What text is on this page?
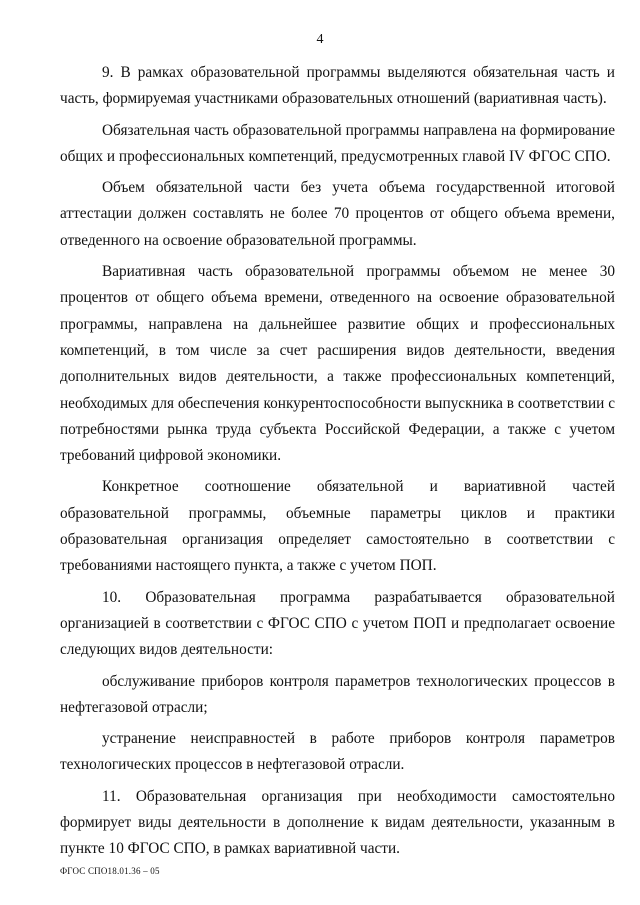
4

9. В рамках образовательной программы выделяются обязательная часть и часть, формируемая участниками образовательных отношений (вариативная часть).

Обязательная часть образовательной программы направлена на формирование общих и профессиональных компетенций, предусмотренных главой IV ФГОС СПО.

Объем обязательной части без учета объема государственной итоговой аттестации должен составлять не более 70 процентов от общего объема времени, отведенного на освоение образовательной программы.

Вариативная часть образовательной программы объемом не менее 30 процентов от общего объема времени, отведенного на освоение образовательной программы, направлена на дальнейшее развитие общих и профессиональных компетенций, в том числе за счет расширения видов деятельности, введения дополнительных видов деятельности, а также профессиональных компетенций, необходимых для обеспечения конкурентоспособности выпускника в соответствии с потребностями рынка труда субъекта Российской Федерации, а также с учетом требований цифровой экономики.

Конкретное соотношение обязательной и вариативной частей образовательной программы, объемные параметры циклов и практики образовательная организация определяет самостоятельно в соответствии с требованиями настоящего пункта, а также с учетом ПОП.

10. Образовательная программа разрабатывается образовательной организацией в соответствии с ФГОС СПО с учетом ПОП и предполагает освоение следующих видов деятельности:

обслуживание приборов контроля параметров технологических процессов в нефтегазовой отрасли;

устранение неисправностей в работе приборов контроля параметров технологических процессов в нефтегазовой отрасли.

11. Образовательная организация при необходимости самостоятельно формирует виды деятельности в дополнение к видам деятельности, указанным в пункте 10 ФГОС СПО, в рамках вариативной части.

ФГОС СПО18.01.36 – 05
